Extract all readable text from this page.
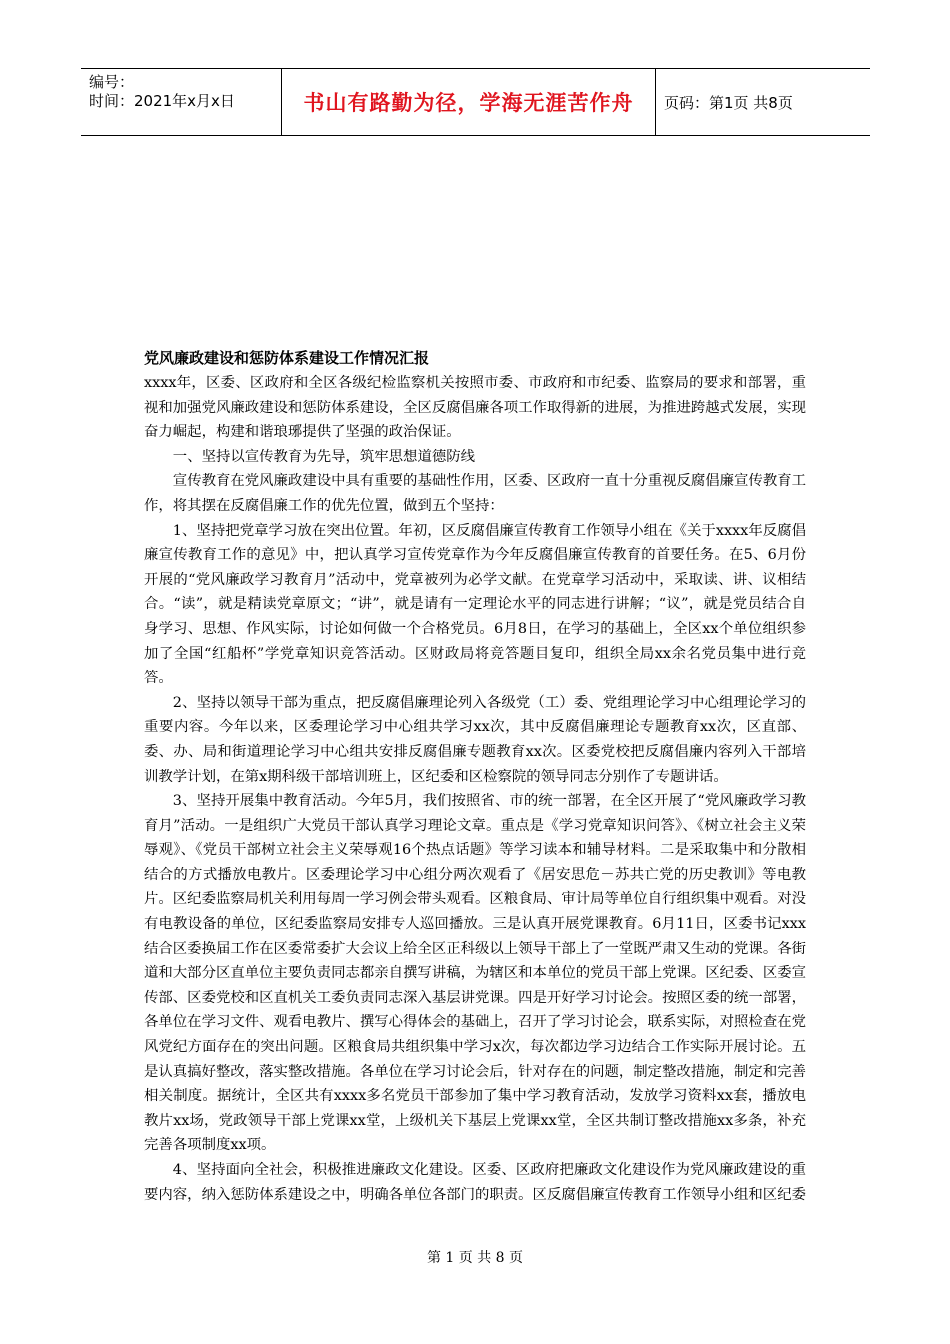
编号：
时间：2021年x月x日	书山有路勤为径，学海无涯苦作舟	页码：第1页 共8页
党风廉政建设和惩防体系建设工作情况汇报

xxxx年，区委、区政府和全区各级纪检监察机关按照市委、市政府和市纪委、监察局的要求和部署，重视和加强党风廉政建设和惩防体系建设，全区反腐倡廉各项工作取得新的进展，为推进跨越式发展，实现奋力崛起，构建和谐琅琊提供了坚强的政治保证。

一、坚持以宣传教育为先导，筑牢思想道德防线

宣传教育在党风廉政建设中具有重要的基础性作用，区委、区政府一直十分重视反腐倡廉宣传教育工作，将其摆在反腐倡廉工作的优先位置，做到五个坚持：

1、坚持把党章学习放在突出位置。年初，区反腐倡廉宣传教育工作领导小组在《关于xxxx年反腐倡廉宣传教育工作的意见》中，把认真学习宣传党章作为今年反腐倡廉宣传教育的首要任务。在5、6月份开展的“党风廉政学习教育月”活动中，党章被列为必学文献。在党章学习活动中，采取读、讲、议相结合。“读”，就是精读党章原文；“讲”，就是请有一定理论水平的同志进行讲解；“议”，就是党员结合自身学习、思想、作风实际，讨论如何做一个合格党员。6月8日，在学习的基础上，全区xx个单位组织参加了全国“红船杯”学党章知识竞答活动。区财政局将竞答题目复印，组织全局xx余名党员集中进行竞答。

2、坚持以领导干部为重点，把反腐倡廉理论列入各级党（工）委、党组理论学习中心组理论学习的重要内容。今年以来，区委理论学习中心组共学习xx次，其中反腐倡廉理论专题教育xx次，区直部、委、办、局和街道理论学习中心组共安排反腐倡廉专题教育xx次。区委党校把反腐倡廉内容列入干部培训教学计划，在第x期科级干部培训班上，区纪委和区检察院的领导同志分别作了专题讲话。

3、坚持开展集中教育活动。今年5月，我们按照省、市的统一部署，在全区开展了“党风廉政学习教育月”活动。一是组织广大党员干部认真学习理论文章。重点是《学习党章知识问答》、《树立社会主义荣辱观》、《党员干部树立社会主义荣辱观16个热点话题》等学习读本和辅导材料。二是采取集中和分散相结合的方式播放电教片。区委理论学习中心组分两次观看了《居安思危－苏共亡党的历史教训》等电教片。区纪委监察局机关利用每周一学习例会带头观看。区粮食局、审计局等单位自行组织集中观看。对没有电教设备的单位，区纪委监察局安排专人巡回播放。三是认真开展党课教育。6月11日，区委书记xxx结合区委换届工作在区委常委扩大会议上给全区正科级以上领导干部上了一堂既严肃又生动的党课。各街道和大部分区直单位主要负责同志都亲自撰写讲稿，为辖区和本单位的党员干部上党课。区纪委、区委宣传部、区委党校和区直机关工委负责同志深入基层讲党课。四是开好学习讨论会。按照区委的统一部署，各单位在学习文件、观看电教片、撰写心得体会的基础上，召开了学习讨论会，联系实际，对照检查在党风党纪方面存在的突出问题。区粮食局共组织集中学习x次，每次都边学习边结合工作实际开展讨论。五是认真搞好整改，落实整改措施。各单位在学习讨论会后，针对存在的问题，制定整改措施，制定和完善相关制度。据统计，全区共有xxxx多名党员干部参加了集中学习教育活动，发放学习资料xx套，播放电教片xx场，党政领导干部上党课xx堂，上级机关下基层上党课xx堂，全区共制订整改措施xx多条，补充完善各项制度xx项。

4、坚持面向全社会，积极推进廉政文化建设。区委、区政府把廉政文化建设作为党风廉政建设的重要内容，纳入惩防体系建设之中，明确各单位各部门的职责。区反腐倡廉宣传教育工作领导小组和区纪委

第 1 页 共 8 页
